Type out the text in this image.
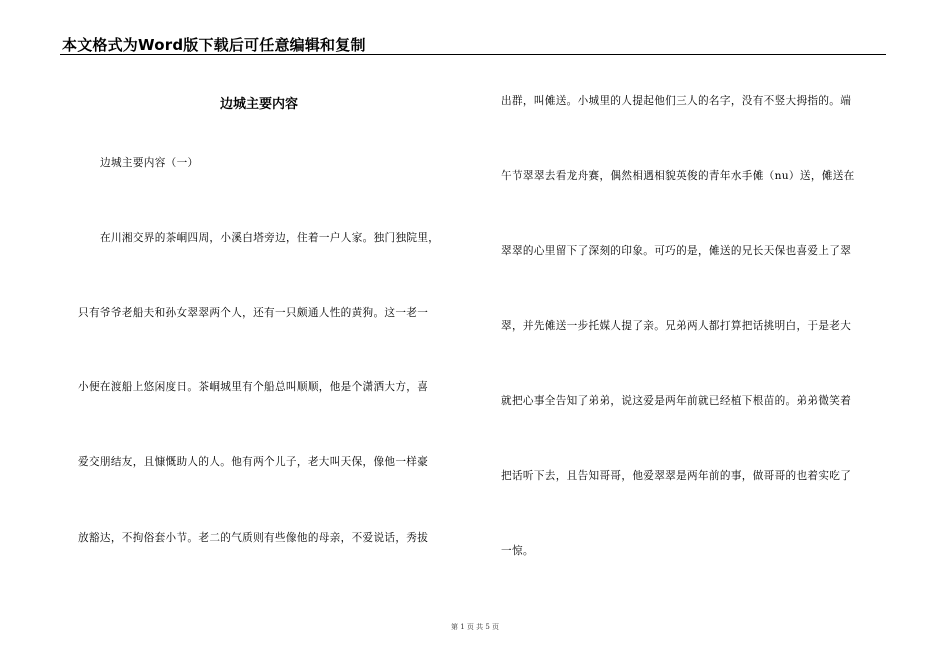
本文格式为Word版下载后可任意编辑和复制
边城主要内容
边城主要内容（一）
在川湘交界的茶峒四周，小溪白塔旁边，住着一户人家。独门独院里，
只有爷爷老船夫和孙女翠翠两个人，还有一只颇通人性的黄狗。这一老一
小便在渡船上悠闲度日。茶峒城里有个船总叫顺顺，他是个潇洒大方，喜
爱交朋结友，且慷慨助人的人。他有两个儿子，老大叫天保，像他一样豪
放豁达，不拘俗套小节。老二的气质则有些像他的母亲，不爱说话，秀拔
出群，叫傩送。小城里的人提起他们三人的名字，没有不竖大拇指的。端
午节翠翠去看龙舟赛，偶然相遇相貌英俊的青年水手傩（nu）送，傩送在
翠翠的心里留下了深刻的印象。可巧的是，傩送的兄长天保也喜爱上了翠
翠，并先傩送一步托媒人提了亲。兄弟两人都打算把话挑明白，于是老大
就把心事全告知了弟弟，说这爱是两年前就已经植下根苗的。弟弟微笑着
把话听下去，且告知哥哥，他爱翠翠是两年前的事，做哥哥的也着实吃了
一惊。
第 1 页 共 5 页
